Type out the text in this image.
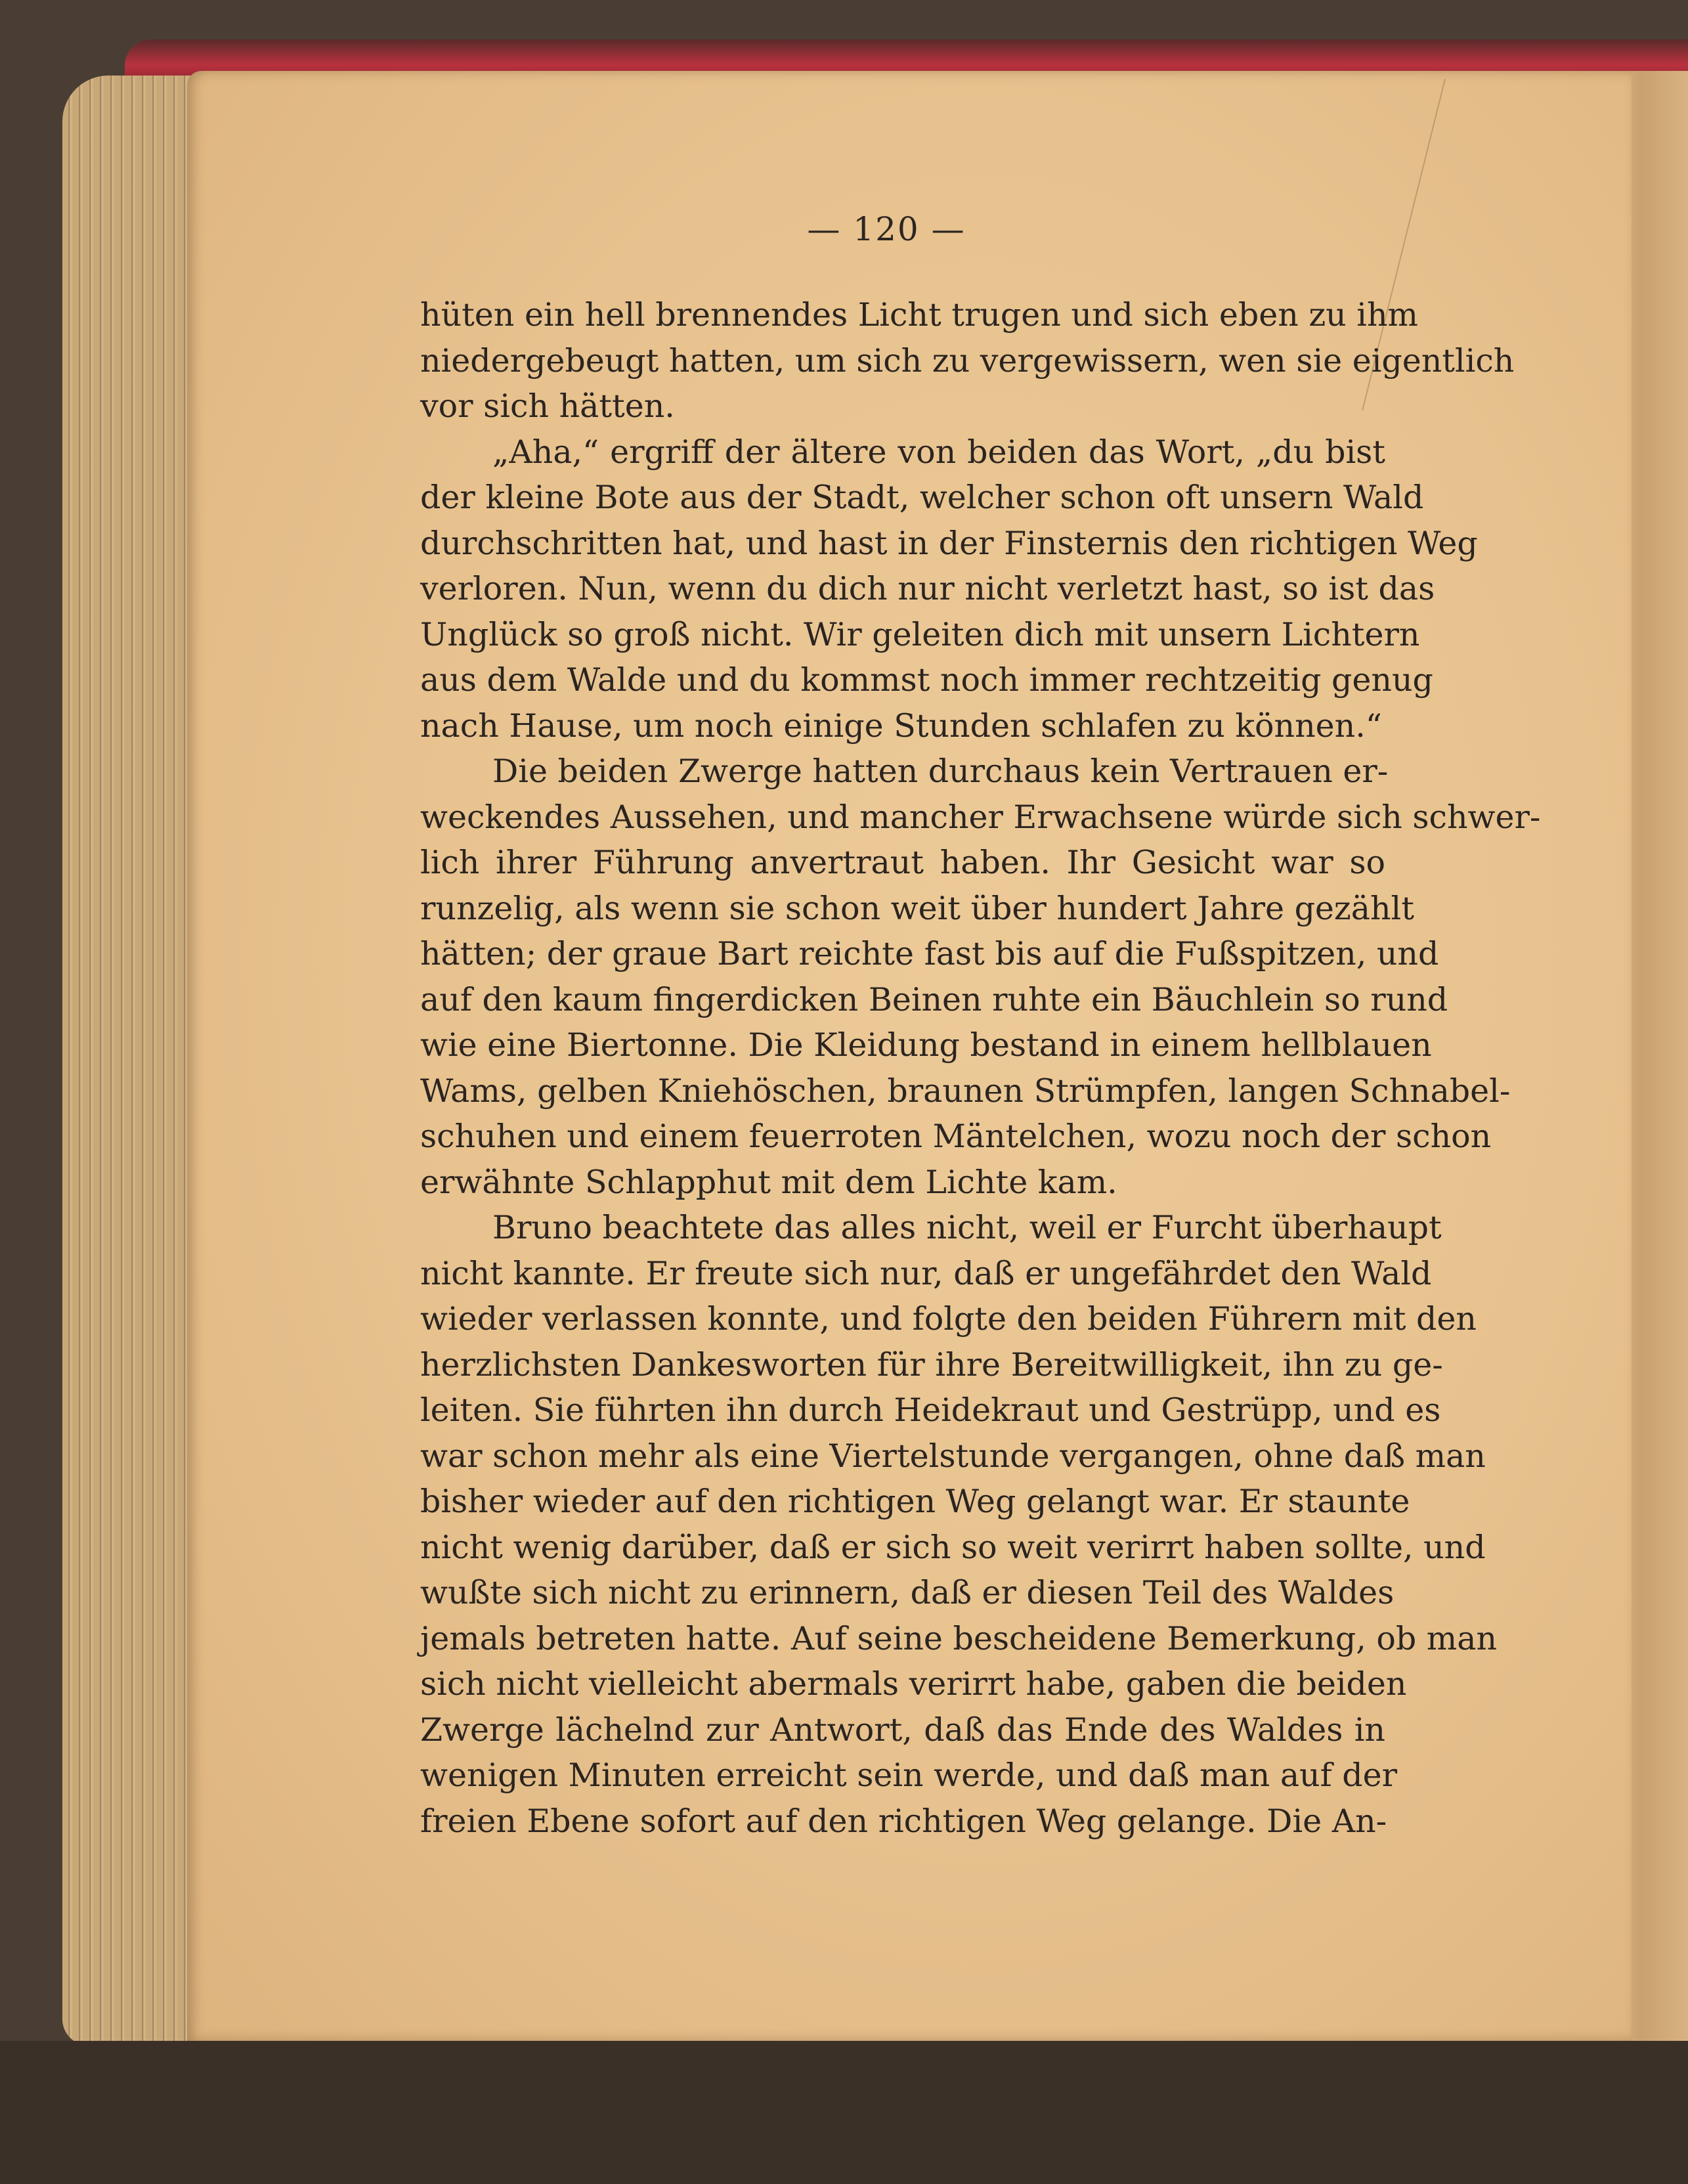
— 120 —
hüten ein hell brennendes Licht trugen und sich eben zu ihm
niedergebeugt hatten, um sich zu vergewissern, wen sie eigentlich
vor sich hätten.
„Aha,“ ergriff der ältere von beiden das Wort, „du bist
der kleine Bote aus der Stadt, welcher schon oft unsern Wald
durchschritten hat, und hast in der Finsternis den richtigen Weg
verloren. Nun, wenn du dich nur nicht verletzt hast, so ist das
Unglück so groß nicht. Wir geleiten dich mit unsern Lichtern
aus dem Walde und du kommst noch immer rechtzeitig genug
nach Hause, um noch einige Stunden schlafen zu können.“
Die beiden Zwerge hatten durchaus kein Vertrauen er-
weckendes Aussehen, und mancher Erwachsene würde sich schwer-
lich ihrer Führung anvertraut haben. Ihr Gesicht war so
runzelig, als wenn sie schon weit über hundert Jahre gezählt
hätten; der graue Bart reichte fast bis auf die Fußspitzen, und
auf den kaum fingerdicken Beinen ruhte ein Bäuchlein so rund
wie eine Biertonne. Die Kleidung bestand in einem hellblauen
Wams, gelben Kniehöschen, braunen Strümpfen, langen Schnabel-
schuhen und einem feuerroten Mäntelchen, wozu noch der schon
erwähnte Schlapphut mit dem Lichte kam.
Bruno beachtete das alles nicht, weil er Furcht überhaupt
nicht kannte. Er freute sich nur, daß er ungefährdet den Wald
wieder verlassen konnte, und folgte den beiden Führern mit den
herzlichsten Dankesworten für ihre Bereitwilligkeit, ihn zu ge-
leiten. Sie führten ihn durch Heidekraut und Gestrüpp, und es
war schon mehr als eine Viertelstunde vergangen, ohne daß man
bisher wieder auf den richtigen Weg gelangt war. Er staunte
nicht wenig darüber, daß er sich so weit verirrt haben sollte, und
wußte sich nicht zu erinnern, daß er diesen Teil des Waldes
jemals betreten hatte. Auf seine bescheidene Bemerkung, ob man
sich nicht vielleicht abermals verirrt habe, gaben die beiden
Zwerge lächelnd zur Antwort, daß das Ende des Waldes in
wenigen Minuten erreicht sein werde, und daß man auf der
freien Ebene sofort auf den richtigen Weg gelange. Die An-
